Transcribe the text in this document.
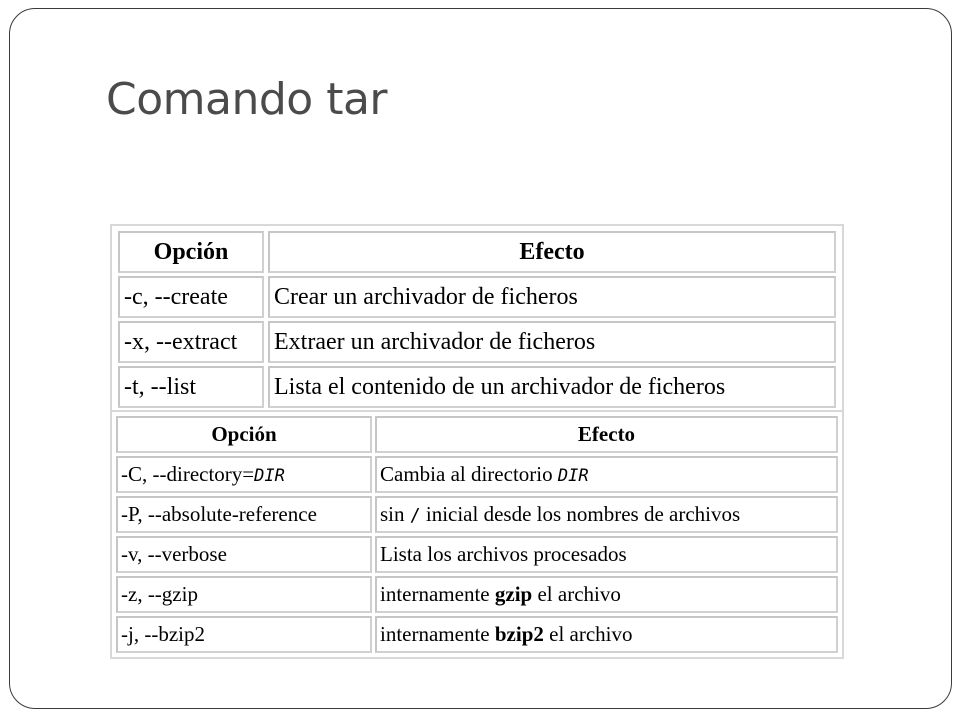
Comando tar
Opción	Efecto
-c, --create	Crear un archivador de ficheros
-x, --extract	Extraer un archivador de ficheros
-t, --list	Lista el contenido de un archivador de ficheros
Opción	Efecto
-C, --directory=DIR	Cambia al directorio DIR
-P, --absolute-reference	sin / inicial desde los nombres de archivos
-v, --verbose	Lista los archivos procesados
-z, --gzip	internamente gzip el archivo
-j, --bzip2	internamente bzip2 el archivo
